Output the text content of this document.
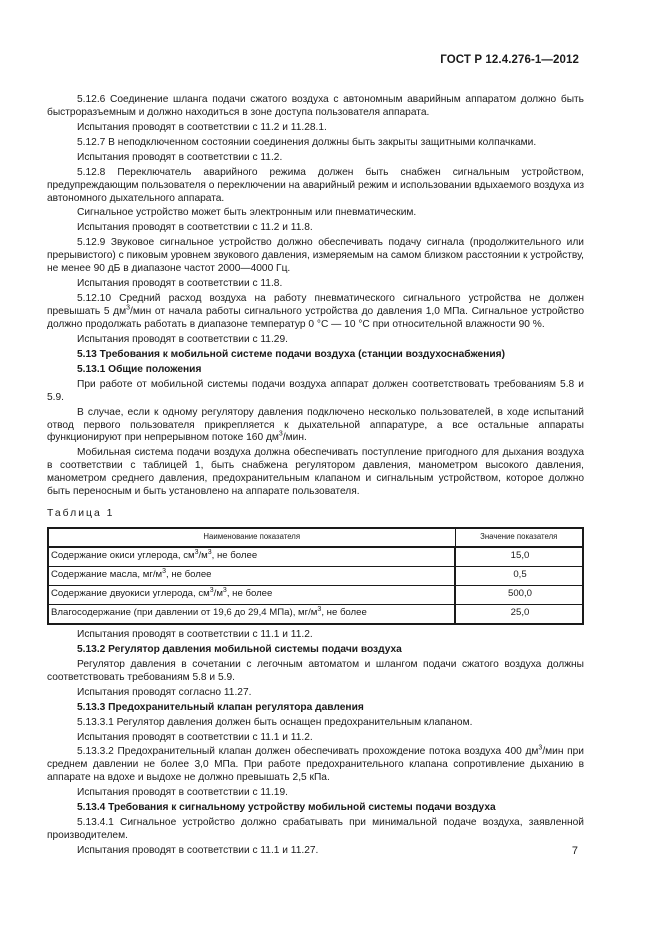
ГОСТ Р 12.4.276-1—2012

5.12.6 Соединение шланга подачи сжатого воздуха с автономным аварийным аппаратом должно быть быстроразъемным и должно находиться в зоне доступа пользователя аппарата.

Испытания проводят в соответствии с 11.2 и 11.28.1.

5.12.7 В неподключенном состоянии соединения должны быть закрыты защитными колпачками.

Испытания проводят в соответствии с 11.2.

5.12.8 Переключатель аварийного режима должен быть снабжен сигнальным устройством, предупреждающим пользователя о переключении на аварийный режим и использовании вдыхаемого воздуха из автономного дыхательного аппарата.

Сигнальное устройство может быть электронным или пневматическим.

Испытания проводят в соответствии с 11.2 и 11.8.

5.12.9 Звуковое сигнальное устройство должно обеспечивать подачу сигнала (продолжительного или прерывистого) с пиковым уровнем звукового давления, измеряемым на самом близком расстоянии к устройству, не менее 90 дБ в диапазоне частот 2000—4000 Гц.

Испытания проводят в соответствии с 11.8.

5.12.10 Средний расход воздуха на работу пневматического сигнального устройства не должен превышать 5 $дм^3$/мин от начала работы сигнального устройства до давления 1,0 МПа. Сигнальное устройство должно продолжать работать в диапазоне температур 0 °С — 10 °С при относительной влажности 90 %.

Испытания проводят в соответствии с 11.29.

5.13 Требования к мобильной системе подачи воздуха (станции воздухоснабжения)

5.13.1 Общие положения

При работе от мобильной системы подачи воздуха аппарат должен соответствовать требованиям 5.8 и 5.9.

В случае, если к одному регулятору давления подключено несколько пользователей, в ходе испытаний отвод первого пользователя прикрепляется к дыхательной аппаратуре, а все остальные аппараты функционируют при непрерывном потоке 160 $дм^3$/мин.

Мобильная система подачи воздуха должна обеспечивать поступление пригодного для дыхания воздуха в соответствии с таблицей 1, быть снабжена регулятором давления, манометром высокого давления, манометром среднего давления, предохранительным клапаном и сигнальным устройством, которое должно быть переносным и быть установлено на аппарате пользователя.

Таблица 1
Наименование показателя	Значение показателя
Содержание окиси углерода, $см^3/м^3$, не более	15,0
Содержание масла, $мг/м^3$, не более	0,5
Содержание двуокиси углерода, $см^3/м^3$, не более	500,0
Влагосодержание (при давлении от 19,6 до 29,4 МПа), $мг/м^3$, не более	25,0

Испытания проводят в соответствии с 11.1 и 11.2.

5.13.2 Регулятор давления мобильной системы подачи воздуха

Регулятор давления в сочетании с легочным автоматом и шлангом подачи сжатого воздуха должны соответствовать требованиям 5.8 и 5.9.

Испытания проводят согласно 11.27.

5.13.3 Предохранительный клапан регулятора давления

5.13.3.1 Регулятор давления должен быть оснащен предохранительным клапаном.

Испытания проводят в соответствии с 11.1 и 11.2.

5.13.3.2 Предохранительный клапан должен обеспечивать прохождение потока воздуха 400 $дм^3$/мин при среднем давлении не более 3,0 МПа. При работе предохранительного клапана сопротивление дыханию в аппарате на вдохе и выдохе не должно превышать 2,5 кПа.

Испытания проводят в соответствии с 11.19.

5.13.4 Требования к сигнальному устройству мобильной системы подачи воздуха

5.13.4.1 Сигнальное устройство должно срабатывать при минимальной подаче воздуха, заявленной производителем.

Испытания проводят в соответствии с 11.1 и 11.27.	7
